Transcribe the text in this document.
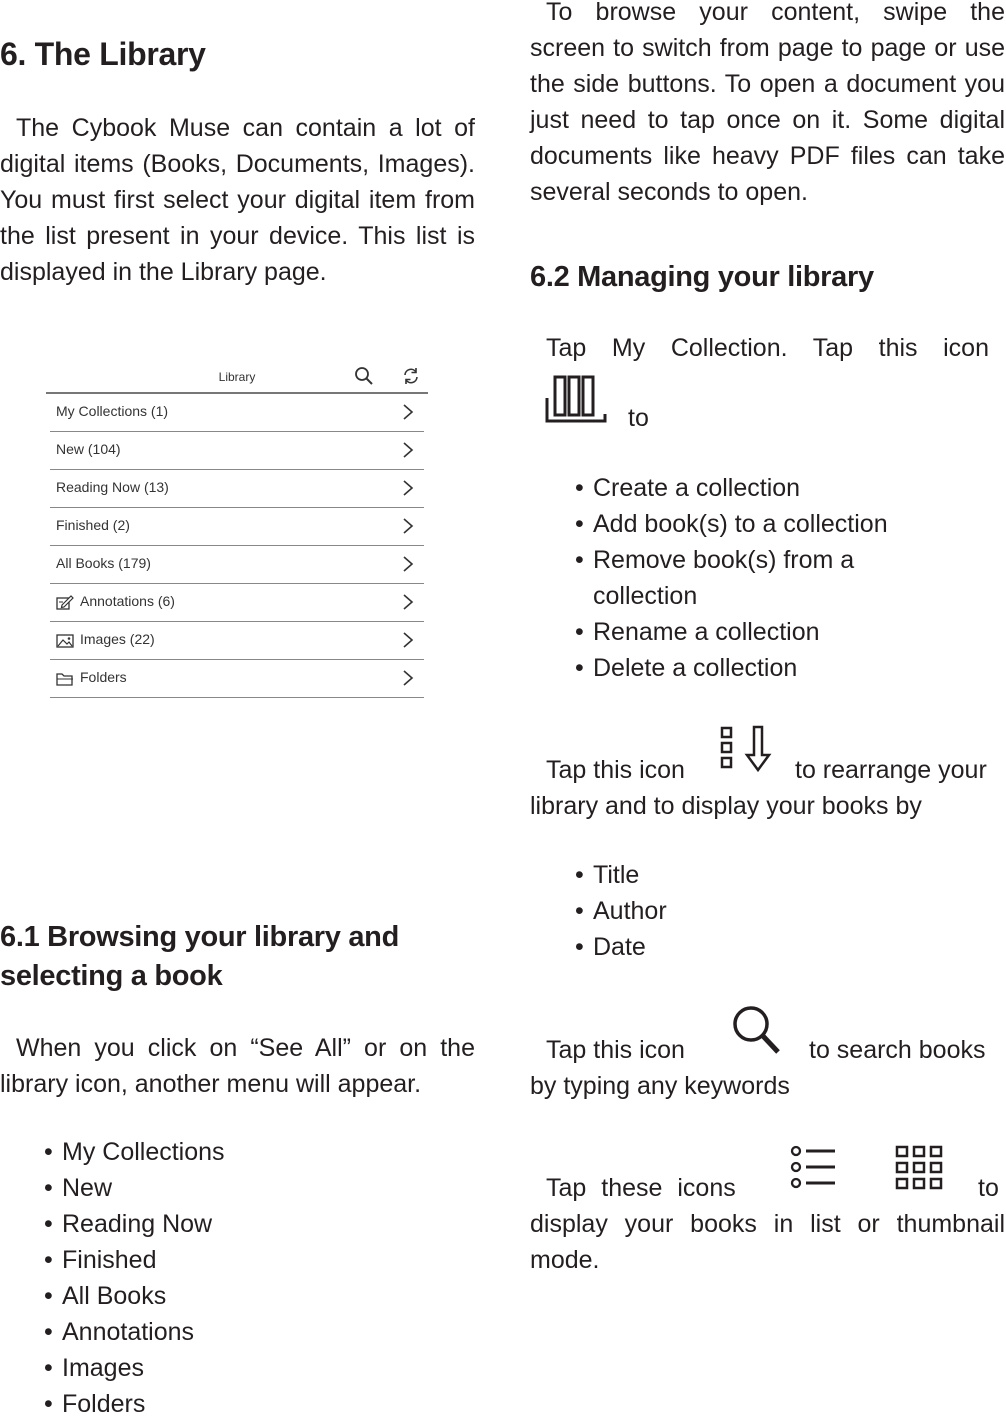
6. The Library
The Cybook Muse can contain a lot of digital items (Books, Documents, Images). You must first select your digital item from the list present in your device. This list is displayed in the Library page.
Library
My Collections (1)
New (104)
Reading Now (13)
Finished (2)
All Books (179)
Annotations (6)
Images (22)
Folders
6.1 Browsing your library and selecting a book
When you click on “See All” or on the library icon, another menu will appear.
• My Collections
• New
• Reading Now
• Finished
• All Books
• Annotations
• Images
• Folders
To browse your content, swipe the screen to switch from page to page or use the side buttons. To open a document you just need to tap once on it. Some digital documents like heavy PDF files can take several seconds to open.
6.2 Managing your library
Tap My Collection. Tap this icon
to
• Create a collection
• Add book(s) to a collection
• Remove book(s) from a collection
• Rename a collection
• Delete a collection
Tap this icon	to rearrange your
library and to display your books by
• Title
• Author
• Date
Tap this icon	to search books
by typing any keywords
Tap these icons	to
display your books in list or thumbnail mode.
